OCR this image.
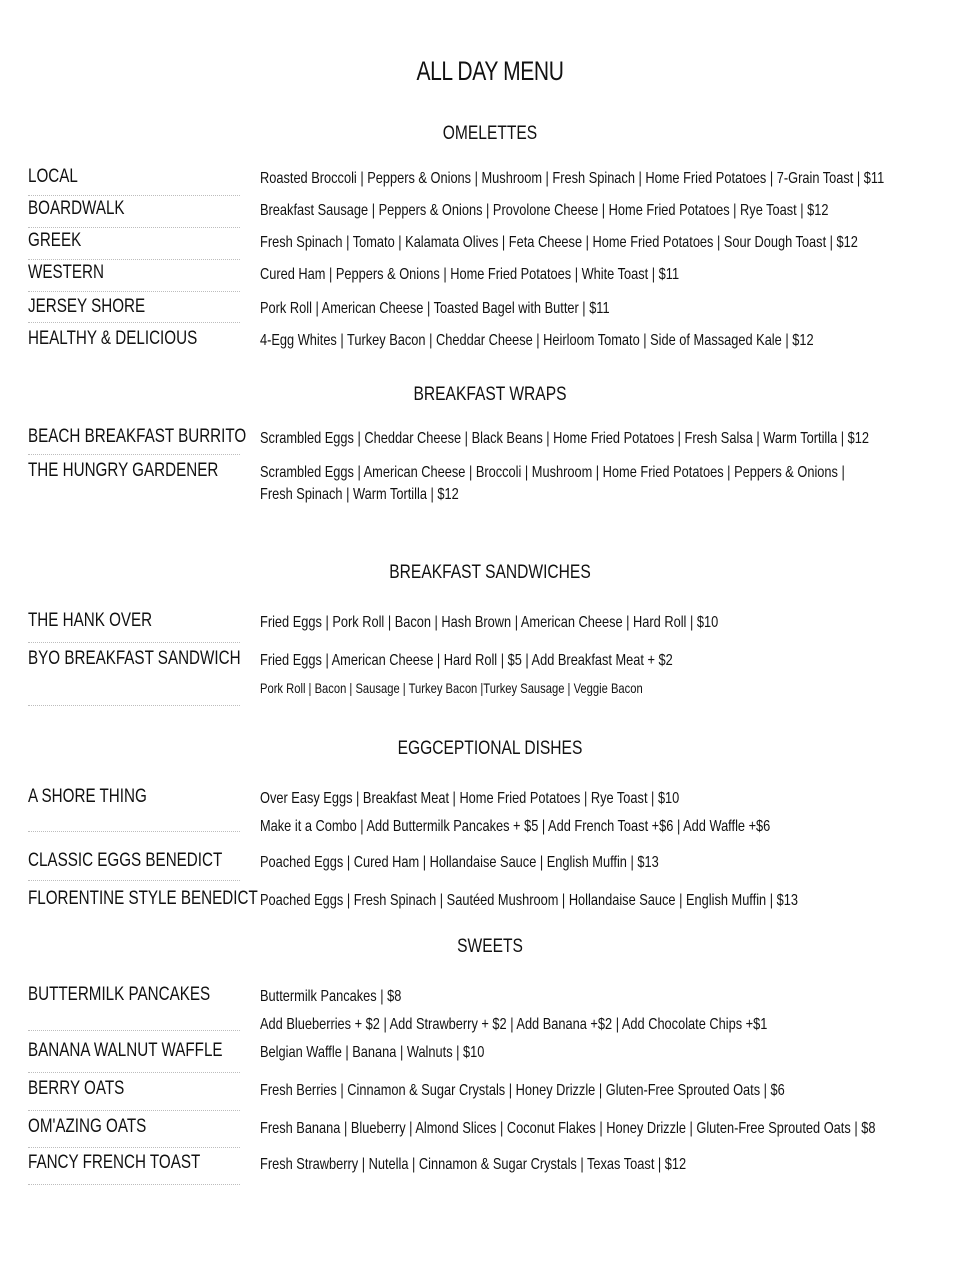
ALL DAY MENU
OMELETTES
LOCAL	Roasted Broccoli | Peppers & Onions | Mushroom | Fresh Spinach | Home Fried Potatoes | 7-Grain Toast | $11
BOARDWALK	Breakfast Sausage | Peppers & Onions | Provolone Cheese | Home Fried Potatoes | Rye Toast | $12
GREEK	Fresh Spinach | Tomato | Kalamata Olives | Feta Cheese | Home Fried Potatoes | Sour Dough Toast | $12
WESTERN	Cured Ham | Peppers & Onions | Home Fried Potatoes | White Toast | $11
JERSEY SHORE	Pork Roll | American Cheese | Toasted Bagel with Butter | $11
HEALTHY & DELICIOUS	4-Egg Whites | Turkey Bacon | Cheddar Cheese | Heirloom Tomato | Side of Massaged Kale | $12
BREAKFAST WRAPS
BEACH BREAKFAST BURRITO Scrambled Eggs | Cheddar Cheese | Black Beans | Home Fried Potatoes | Fresh Salsa | Warm Tortilla | $12
THE HUNGRY GARDENER	Scrambled Eggs | American Cheese | Broccoli | Mushroom | Home Fried Potatoes | Peppers & Onions |
Fresh Spinach | Warm Tortilla | $12
BREAKFAST SANDWICHES
THE HANK OVER	Fried Eggs | Pork Roll | Bacon | Hash Brown | American Cheese | Hard Roll | $10
BYO BREAKFAST SANDWICH Fried Eggs | American Cheese | Hard Roll | $5 | Add Breakfast Meat + $2
Pork Roll | Bacon | Sausage | Turkey Bacon |Turkey Sausage | Veggie Bacon
EGGCEPTIONAL DISHES
A SHORE THING	Over Easy Eggs | Breakfast Meat | Home Fried Potatoes | Rye Toast | $10
Make it a Combo | Add Buttermilk Pancakes + $5 | Add French Toast +$6 | Add Waffle +$6
CLASSIC EGGS BENEDICT Poached Eggs | Cured Ham | Hollandaise Sauce | English Muffin | $13
FLORENTINE STYLE BENEDICT Poached Eggs | Fresh Spinach | Sautéed Mushroom | Hollandaise Sauce | English Muffin | $13
SWEETS
BUTTERMILK PANCAKES	Buttermilk Pancakes | $8
Add Blueberries + $2 | Add Strawberry + $2 | Add Banana +$2 | Add Chocolate Chips +$1
BANANA WALNUT WAFFLE Belgian Waffle | Banana | Walnuts | $10
BERRY OATS	Fresh Berries | Cinnamon & Sugar Crystals | Honey Drizzle | Gluten-Free Sprouted Oats | $6
OM'AZING OATS	Fresh Banana | Blueberry | Almond Slices | Coconut Flakes | Honey Drizzle | Gluten-Free Sprouted Oats | $8
FANCY FRENCH TOAST	Fresh Strawberry | Nutella | Cinnamon & Sugar Crystals | Texas Toast | $12
